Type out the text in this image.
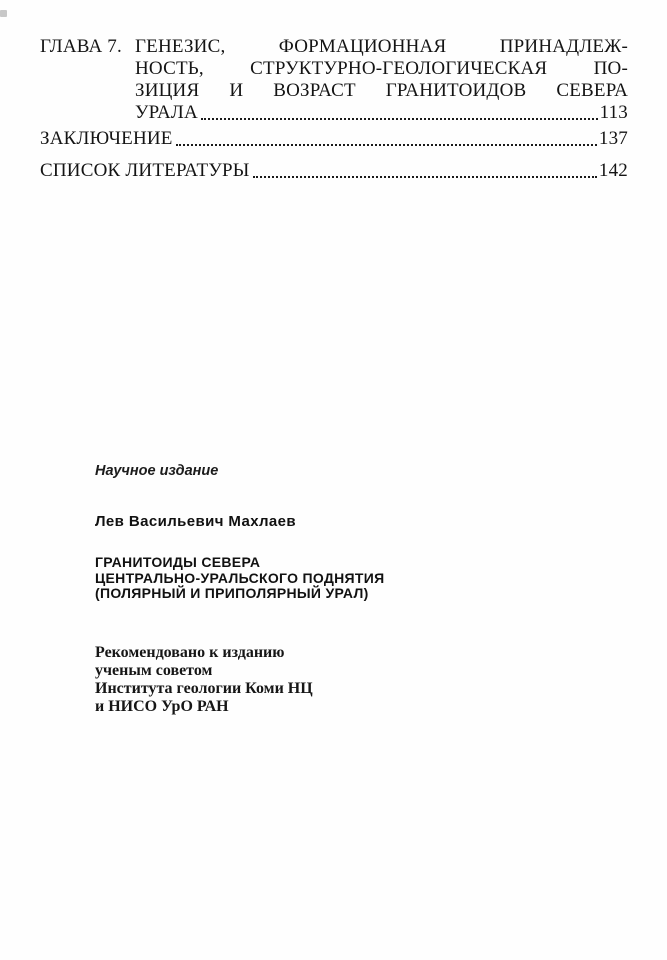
ГЛАВА 7. ГЕНЕЗИС, ФОРМАЦИОННАЯ ПРИНАДЛЕЖ-
НОСТЬ, СТРУКТУРНО-ГЕОЛОГИЧЕСКАЯ ПО-
ЗИЦИЯ И ВОЗРАСТ ГРАНИТОИДОВ СЕВЕРА
УРАЛА	113
ЗАКЛЮЧЕНИЕ	137
СПИСОК ЛИТЕРАТУРЫ	142
Научное издание
Лев Васильевич Махлаев
ГРАНИТОИДЫ СЕВЕРА
ЦЕНТРАЛЬНО-УРАЛЬСКОГО ПОДНЯТИЯ
(ПОЛЯРНЫЙ И ПРИПОЛЯРНЫЙ УРАЛ)
Рекомендовано к изданию
ученым советом
Института геологии Коми НЦ
и НИСО УрО РАН
